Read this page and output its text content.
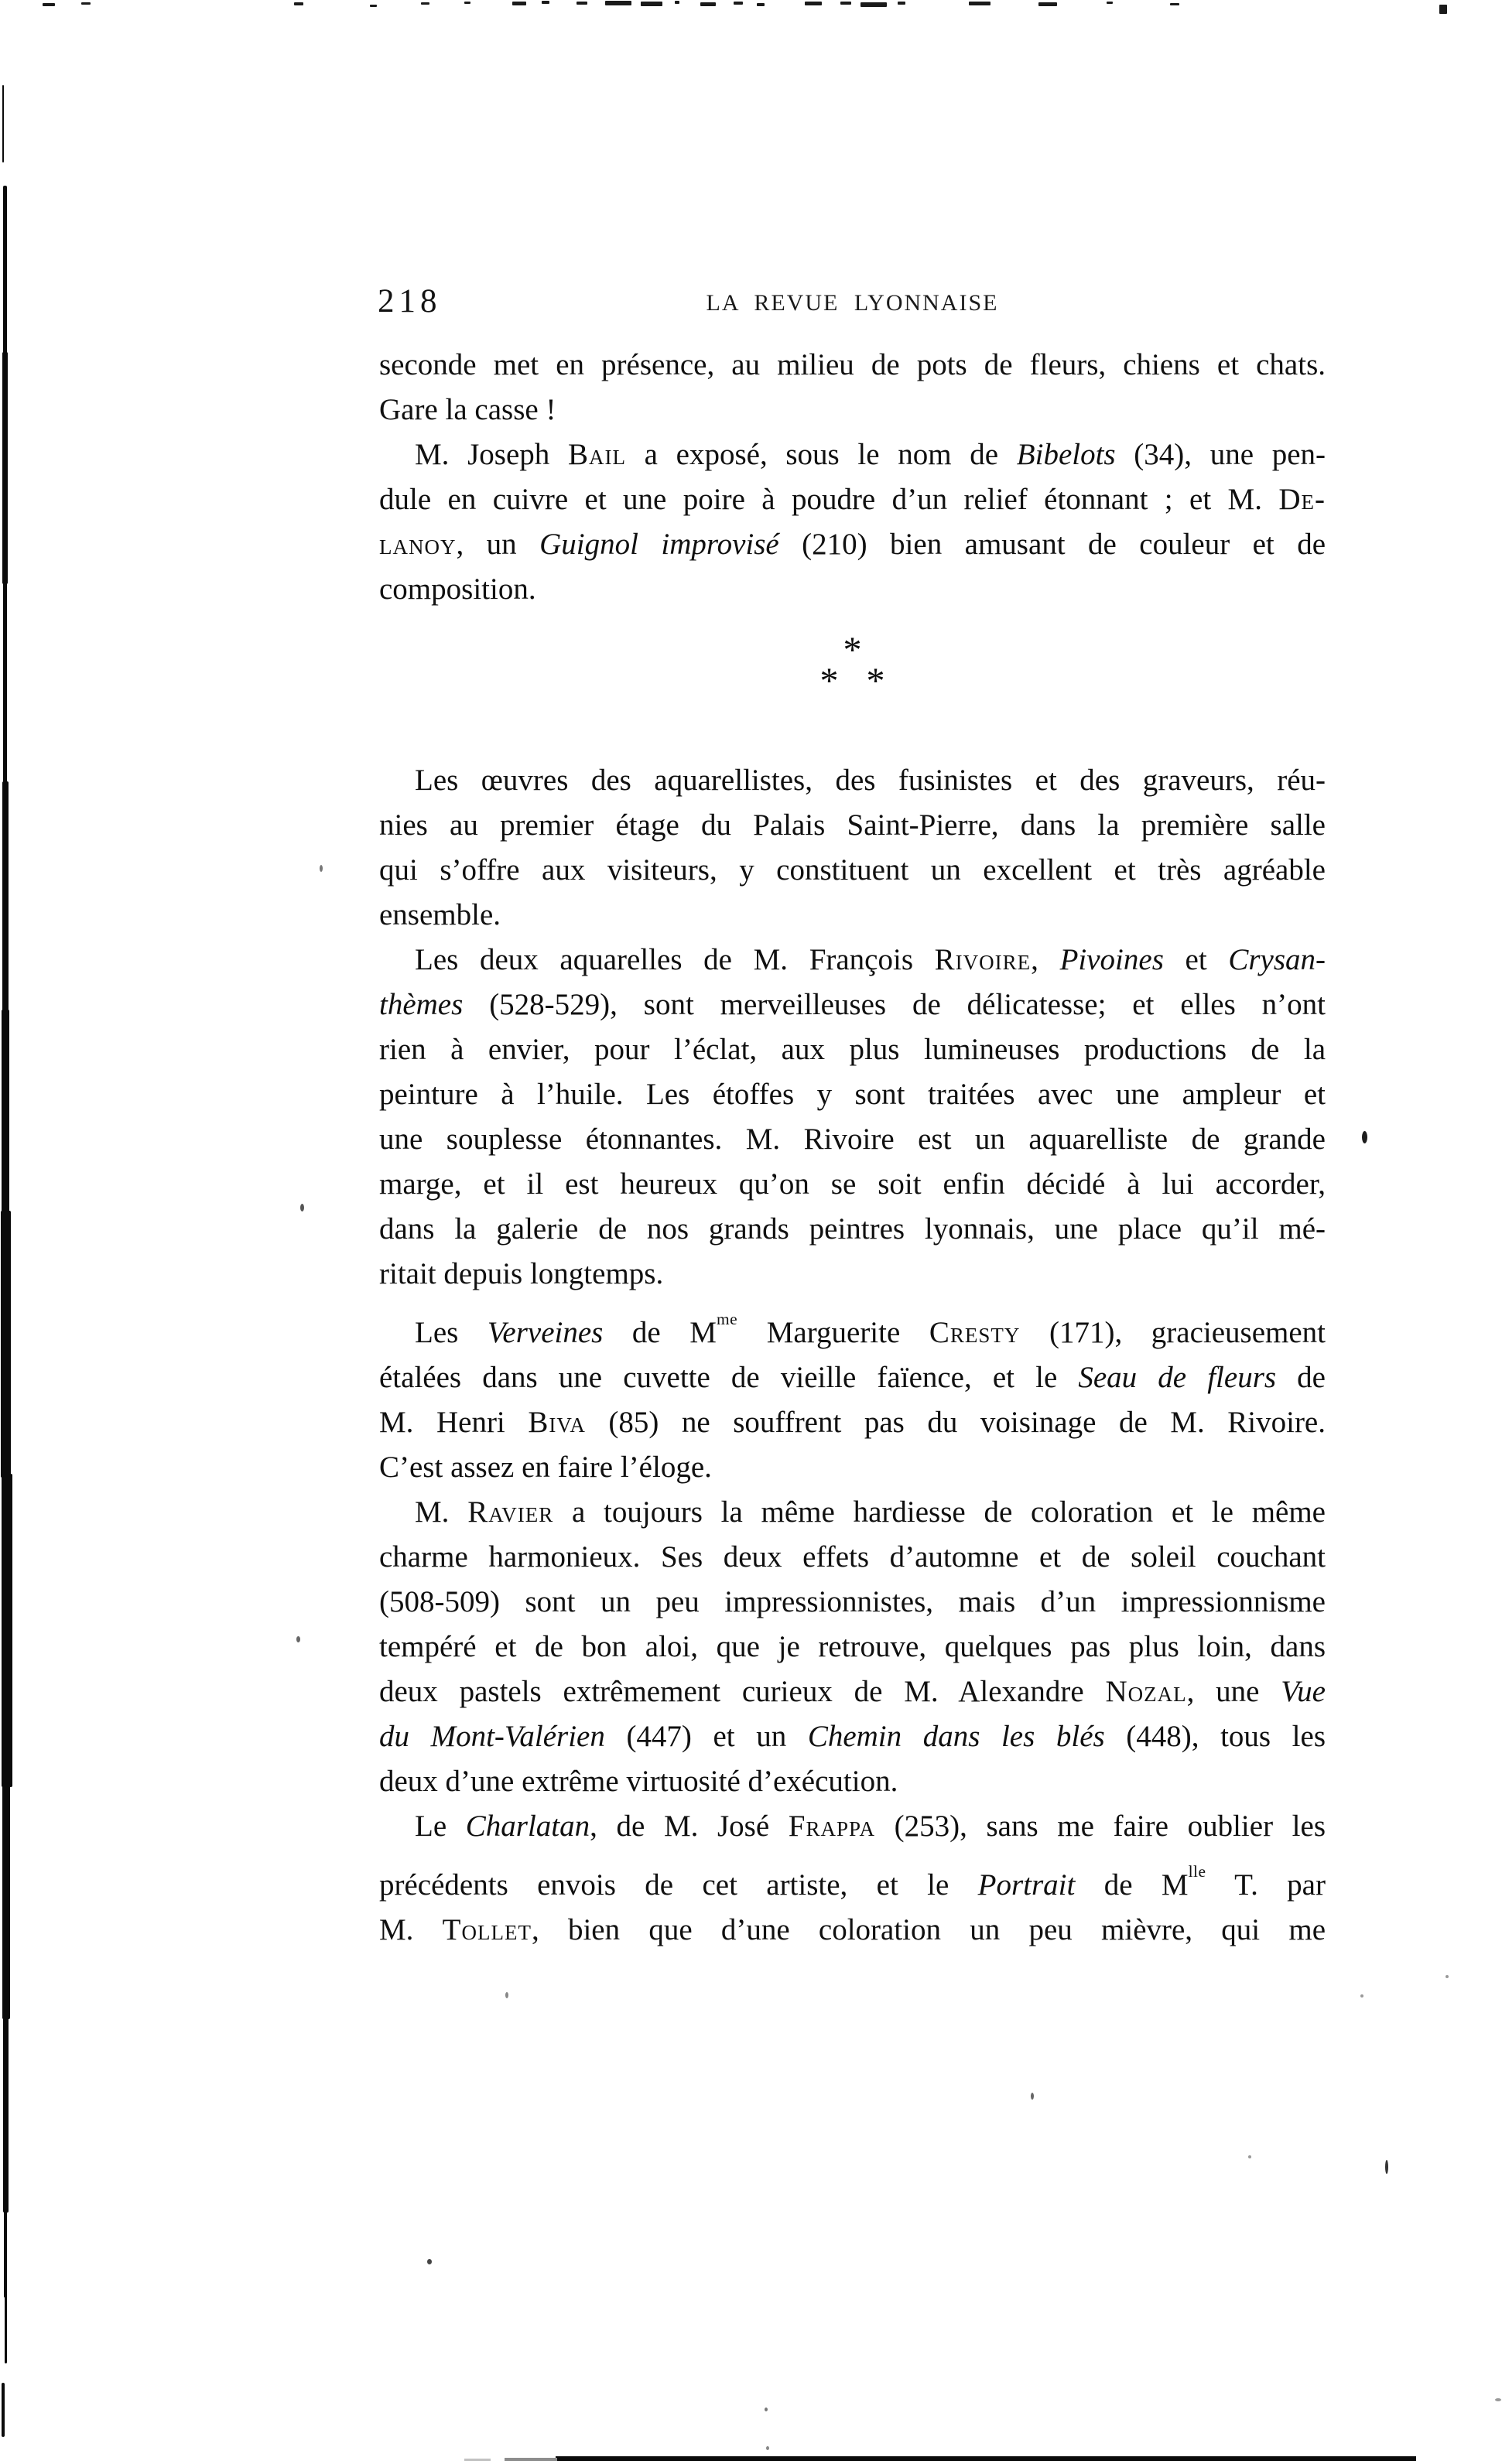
218	LA REVUE LYONNAISE
seconde met en présence, au milieu de pots de fleurs, chiens et chats.
Gare la casse !
M. Joseph Bail a exposé, sous le nom de Bibelots (34), une pen-
dule en cuivre et une poire à poudre d’un relief étonnant ; et M. De-
lanoy, un Guignol improvisé (210) bien amusant de couleur et de
composition.
*
* *
Les œuvres des aquarellistes, des fusinistes et des graveurs, réu-
nies au premier étage du Palais Saint-Pierre, dans la première salle
qui s’offre aux visiteurs, y constituent un excellent et très agréable
ensemble.
Les deux aquarelles de M. François Rivoire, Pivoines et Crysan-
thèmes (528-529), sont merveilleuses de délicatesse; et elles n’ont
rien à envier, pour l’éclat, aux plus lumineuses productions de la
peinture à l’huile. Les étoffes y sont traitées avec une ampleur et
une souplesse étonnantes. M. Rivoire est un aquarelliste de grande
marge, et il est heureux qu’on se soit enfin décidé à lui accorder,
dans la galerie de nos grands peintres lyonnais, une place qu’il mé-
ritait depuis longtemps.
Les Verveines de $M^{me}$ Marguerite Cresty (171), gracieusement
étalées dans une cuvette de vieille faïence, et le Seau de fleurs de
M. Henri Biva (85) ne souffrent pas du voisinage de M. Rivoire.
C’est assez en faire l’éloge.
M. Ravier a toujours la même hardiesse de coloration et le même
charme harmonieux. Ses deux effets d’automne et de soleil couchant
(508-509) sont un peu impressionnistes, mais d’un impressionnisme
tempéré et de bon aloi, que je retrouve, quelques pas plus loin, dans
deux pastels extrêmement curieux de M. Alexandre Nozal, une Vue
du Mont-Valérien (447) et un Chemin dans les blés (448), tous les
deux d’une extrême virtuosité d’exécution.
Le Charlatan, de M. José Frappa (253), sans me faire oublier les
précédents envois de cet artiste, et le Portrait de $M^{lle}$ T. par
M. Tollet, bien que d’une coloration un peu mièvre, qui me
